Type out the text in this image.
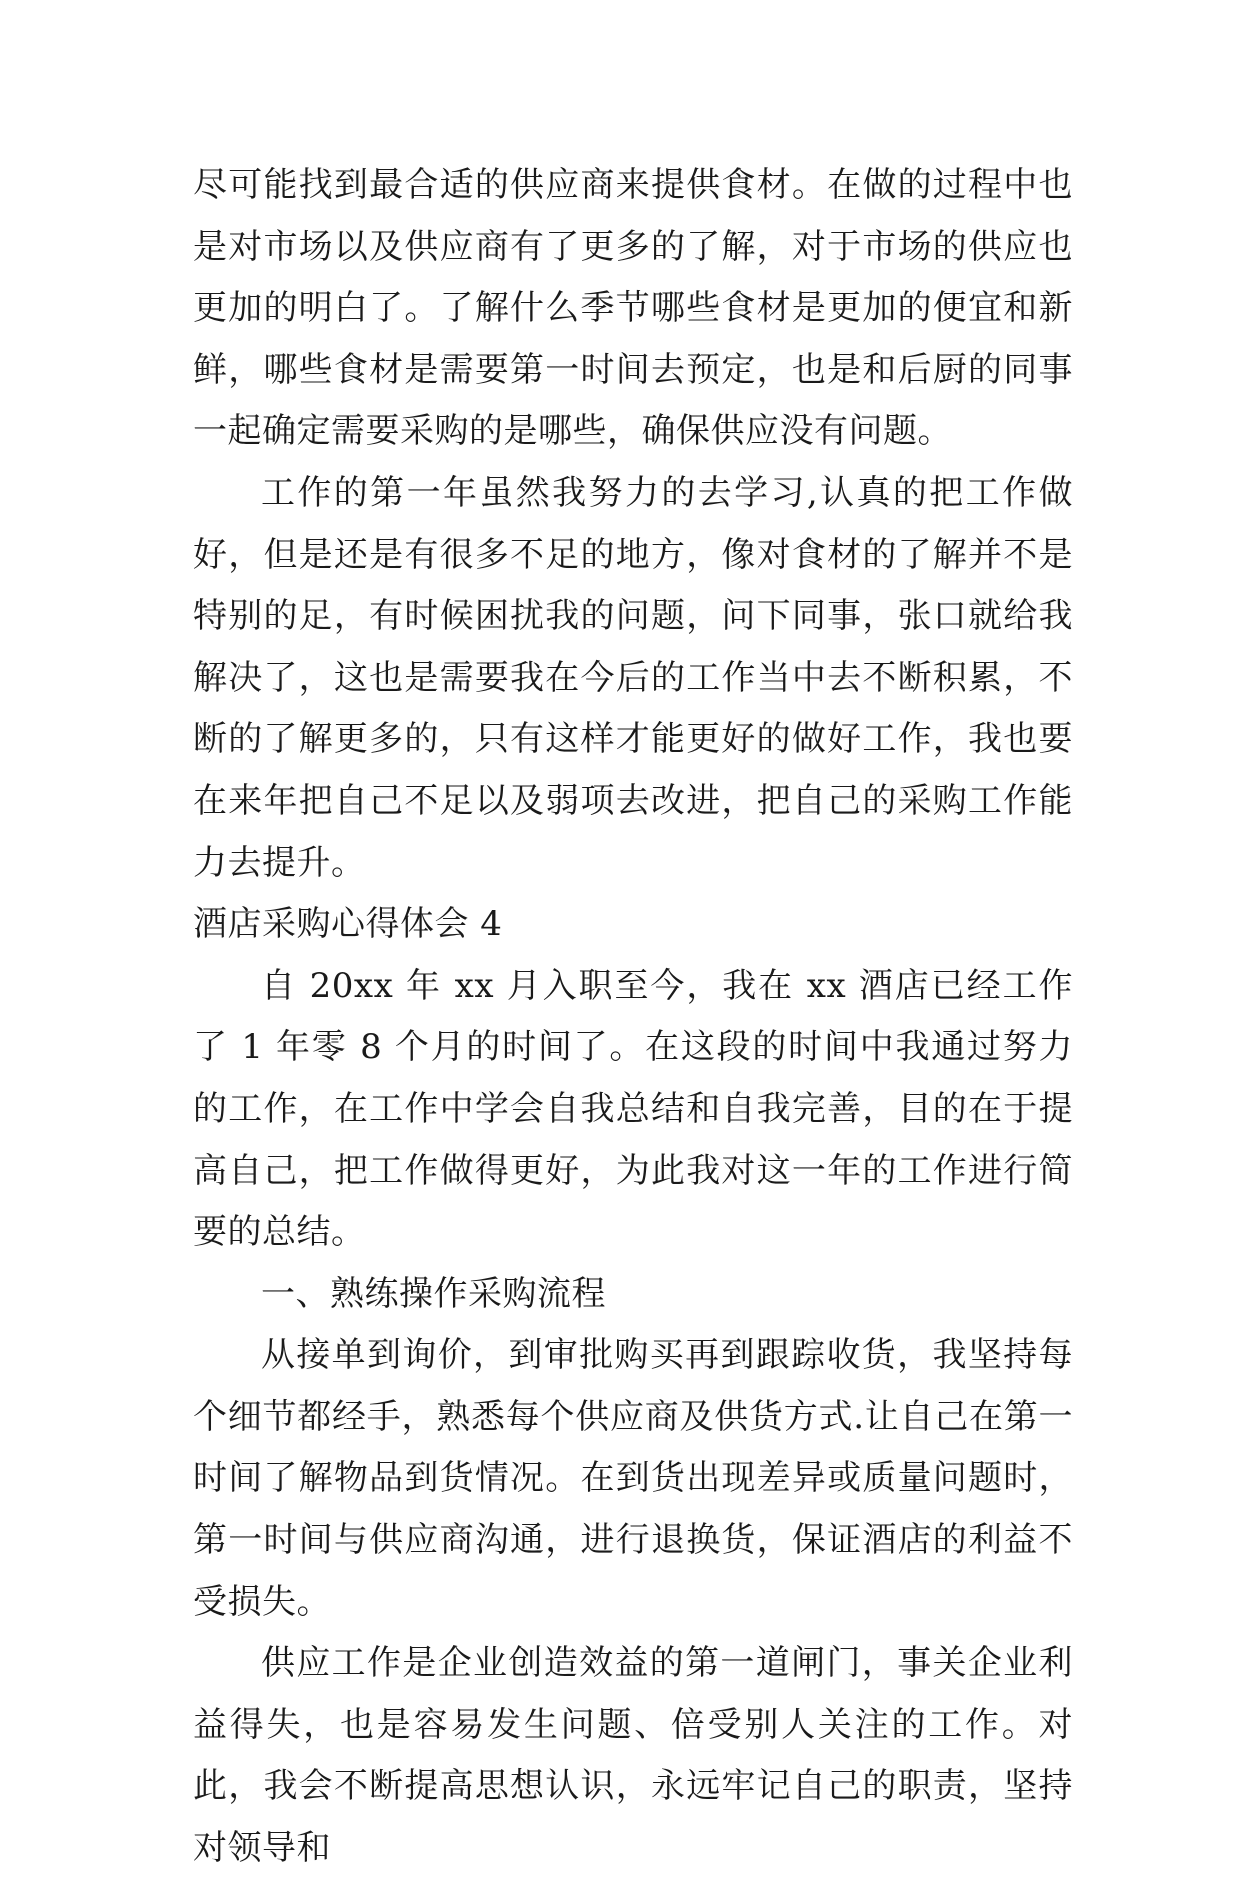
尽可能找到最合适的供应商来提供食材。在做的过程中也是对市场以及供应商有了更多的了解，对于市场的供应也更加的明白了。了解什么季节哪些食材是更加的便宜和新鲜，哪些食材是需要第一时间去预定，也是和后厨的同事一起确定需要采购的是哪些，确保供应没有问题。

工作的第一年虽然我努力的去学习,认真的把工作做好，但是还是有很多不足的地方，像对食材的了解并不是特别的足，有时候困扰我的问题，问下同事，张口就给我解决了，这也是需要我在今后的工作当中去不断积累，不断的了解更多的，只有这样才能更好的做好工作，我也要在来年把自己不足以及弱项去改进，把自己的采购工作能力去提升。

酒店采购心得体会 4

自 20xx 年 xx 月入职至今，我在 xx 酒店已经工作了 1 年零 8 个月的时间了。在这段的时间中我通过努力的工作，在工作中学会自我总结和自我完善，目的在于提高自己，把工作做得更好，为此我对这一年的工作进行简要的总结。

一、熟练操作采购流程

从接单到询价，到审批购买再到跟踪收货，我坚持每个细节都经手，熟悉每个供应商及供货方式.让自己在第一时间了解物品到货情况。在到货出现差异或质量问题时，第一时间与供应商沟通，进行退换货，保证酒店的利益不受损失。

供应工作是企业创造效益的第一道闸门，事关企业利益得失，也是容易发生问题、倍受别人关注的工作。对此，我会不断提高思想认识，永远牢记自己的职责，坚持对领导和
